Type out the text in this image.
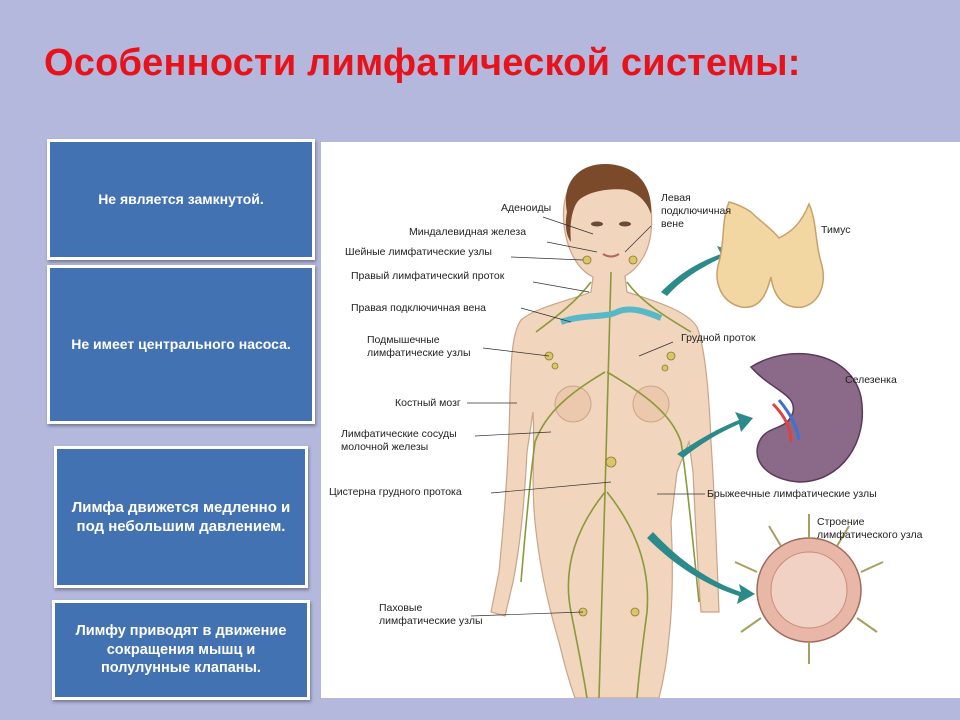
Особенности лимфатической системы:
Не является замкнутой.
Не имеет центрального насоса.
Лимфа движется медленно и под небольшим давлением.
Лимфу приводят в движение сокращения мышц и полулунные клапаны.
Аденоиды
Миндалевидная железа
Шейные лимфатические узлы
Правый лимфатический проток
Правая подключичная вена
Подмышечные
лимфатические узлы
Костный мозг
Лимфатические сосуды
молочной железы
Цистерна грудного протока
Паховые
лимфатические узлы
Левая
подключичная
вене	Тимус
Грудной проток
Селезенка
Брыжеечные лимфатические узлы
Строение
лимфатического узла
